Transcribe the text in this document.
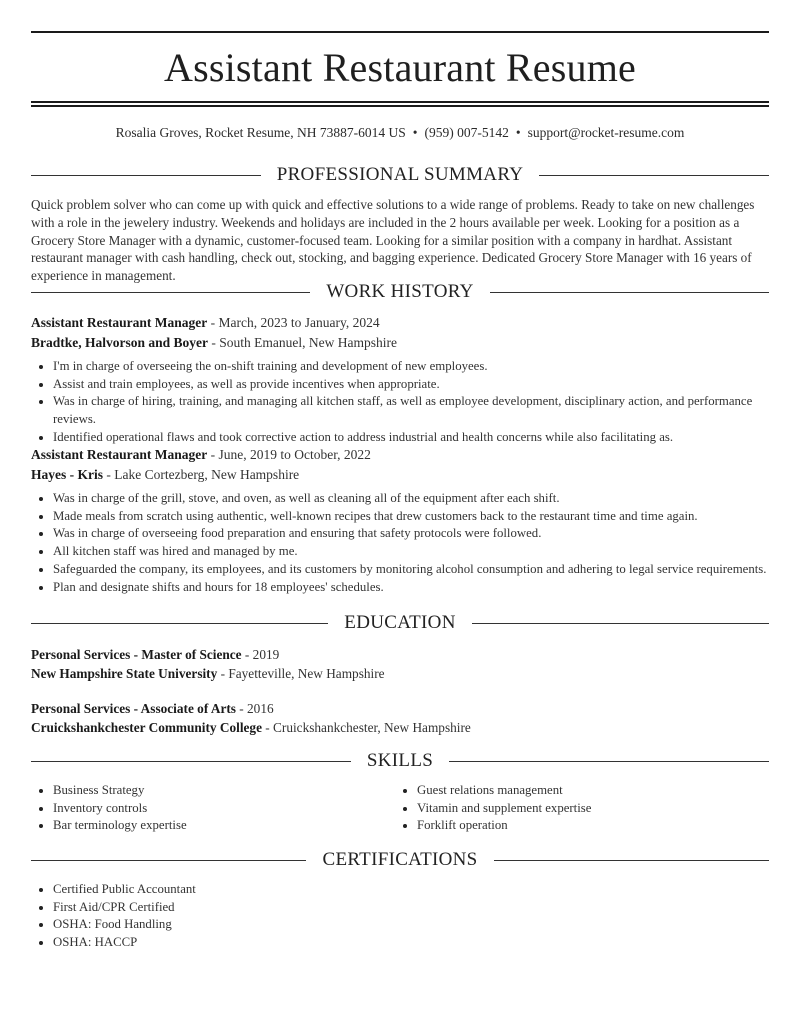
Assistant Restaurant Resume
Rosalia Groves, Rocket Resume, NH 73887-6014 US • (959) 007-5142 • support@rocket-resume.com
PROFESSIONAL SUMMARY

Quick problem solver who can come up with quick and effective solutions to a wide range of problems. Ready to take on new challenges with a role in the jewelery industry. Weekends and holidays are included in the 2 hours available per week. Looking for a position as a Grocery Store Manager with a dynamic, customer-focused team. Looking for a similar position with a company in hardhat. Assistant restaurant manager with cash handling, check out, stocking, and bagging experience. Dedicated Grocery Store Manager with 16 years of experience in management.

WORK HISTORY
Assistant Restaurant Manager - March, 2023 to January, 2024
Bradtke, Halvorson and Boyer - South Emanuel, New Hampshire
I'm in charge of overseeing the on-shift training and development of new employees.
Assist and train employees, as well as provide incentives when appropriate.
Was in charge of hiring, training, and managing all kitchen staff, as well as employee development, disciplinary action, and performance reviews.
Identified operational flaws and took corrective action to address industrial and health concerns while also facilitating as.
Assistant Restaurant Manager - June, 2019 to October, 2022
Hayes - Kris - Lake Cortezberg, New Hampshire
Was in charge of the grill, stove, and oven, as well as cleaning all of the equipment after each shift.
Made meals from scratch using authentic, well-known recipes that drew customers back to the restaurant time and time again.
Was in charge of overseeing food preparation and ensuring that safety protocols were followed.
All kitchen staff was hired and managed by me.
Safeguarded the company, its employees, and its customers by monitoring alcohol consumption and adhering to legal service requirements.
Plan and designate shifts and hours for 18 employees' schedules.
EDUCATION
Personal Services - Master of Science - 2019
New Hampshire State University - Fayetteville, New Hampshire
Personal Services - Associate of Arts - 2016
Cruickshankchester Community College - Cruickshankchester, New Hampshire
SKILLS
Business Strategy
Inventory controls
Bar terminology expertise
Guest relations management
Vitamin and supplement expertise
Forklift operation
CERTIFICATIONS
Certified Public Accountant
First Aid/CPR Certified
OSHA: Food Handling
OSHA: HACCP
